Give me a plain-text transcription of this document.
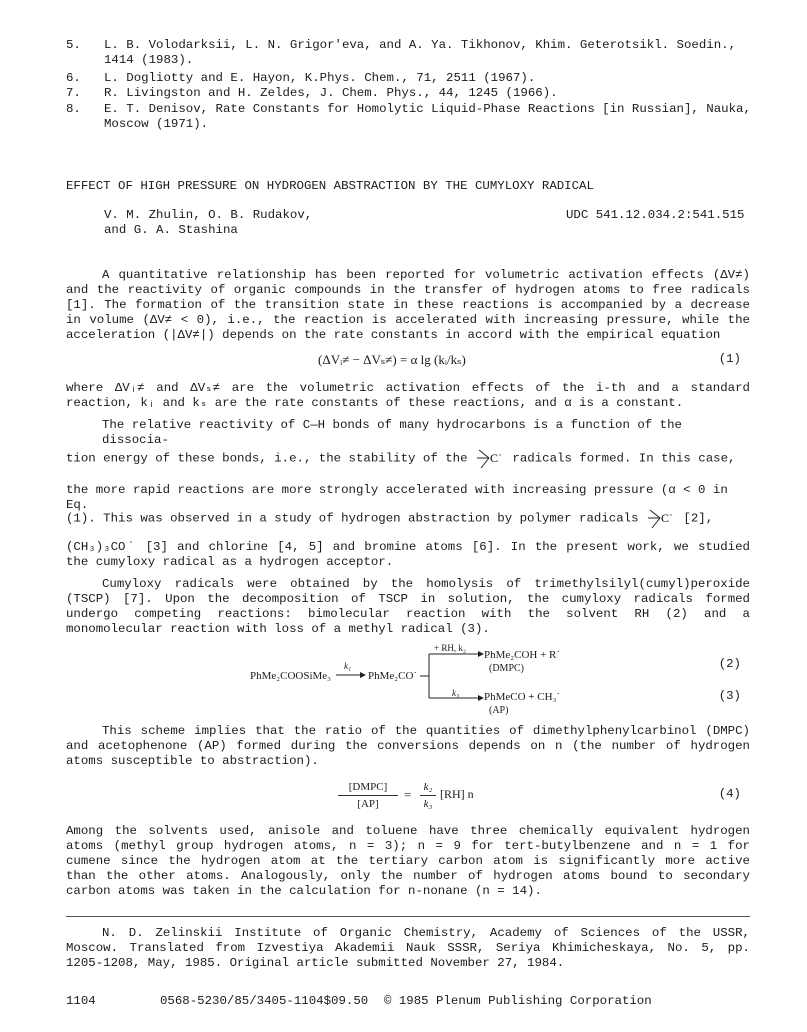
5. L. B. Volodarksii, L. N. Grigor'eva, and A. Ya. Tikhonov, Khim. Geterotsikl. Soedin., 1414 (1983).
6. L. Dogliotty and E. Hayon, K.Phys. Chem., 71, 2511 (1967).
7. R. Livingston and H. Zeldes, J. Chem. Phys., 44, 1245 (1966).
8. E. T. Denisov, Rate Constants for Homolytic Liquid-Phase Reactions [in Russian], Nauka, Moscow (1971).
EFFECT OF HIGH PRESSURE ON HYDROGEN ABSTRACTION BY THE CUMYLOXY RADICAL
V. M. Zhulin, O. B. Rudakov,
and G. A. Stashina
UDC 541.12.034.2:541.515
A quantitative relationship has been reported for volumetric activation effects (ΔV≠) and the reactivity of organic compounds in the transfer of hydrogen atoms to free radicals [1]. The formation of the transition state in these reactions is accompanied by a decrease in volume (ΔV≠ < 0), i.e., the reaction is accelerated with increasing pressure, while the acceleration (|ΔV≠|) depends on the rate constants in accord with the empirical equation
(ΔVᵢ≠ − ΔVₛ≠) = α lg (kᵢ/kₛ)	(1)
where ΔVᵢ≠ and ΔVₛ≠ are the volumetric activation effects of the i-th and a standard reaction, kᵢ and kₛ are the rate constants of these reactions, and α is a constant.
The relative reactivity of C—H bonds of many hydrocarbons is a function of the dissocia-
tion energy of these bonds, i.e., the stability of the C˙ radicals formed. In this case,
the more rapid reactions are more strongly accelerated with increasing pressure (α < 0 in Eq.
(1). This was observed in a study of hydrogen abstraction by polymer radicals C˙ [2],
(CH₃)₃CO˙ [3] and chlorine [4, 5] and bromine atoms [6]. In the present work, we studied the cumyloxy radical as a hydrogen acceptor.
Cumyloxy radicals were obtained by the homolysis of trimethylsilyl(cumyl)peroxide (TSCP) [7]. Upon the decomposition of TSCP in solution, the cumyloxy radicals formed undergo competing reactions: bimolecular reaction with the solvent RH (2) and a monomolecular reaction with loss of a methyl radical (3).
PhMe₂COOSiMe₃
k₁
PhMe₂CO˙
+ RH, k₂
PhMe₂COH + R˙
(DMPC)
k₃ PhMeCO + CH₃˙
(AP)
(2)
(3)
This scheme implies that the ratio of the quantities of dimethylphenylcarbinol (DMPC) and acetophenone (AP) formed during the conversions depends on n (the number of hydrogen atoms susceptible to abstraction).
[DMPC]
[AP]
=	k₂
k₃
[RH] n	(4)
Among the solvents used, anisole and toluene have three chemically equivalent hydrogen atoms (methyl group hydrogen atoms, n = 3); n = 9 for tert-butylbenzene and n = 1 for cumene since the hydrogen atom at the tertiary carbon atom is significantly more active than the other atoms. Analogously, only the number of hydrogen atoms bound to secondary carbon atoms was taken in the calculation for n-nonane (n = 14).
N. D. Zelinskii Institute of Organic Chemistry, Academy of Sciences of the USSR, Moscow. Translated from Izvestiya Akademii Nauk SSSR, Seriya Khimicheskaya, No. 5, pp. 1205-1208, May, 1985. Original article submitted November 27, 1984.
1104	0568-5230/85/3405-1104$09.50 © 1985 Plenum Publishing Corporation
